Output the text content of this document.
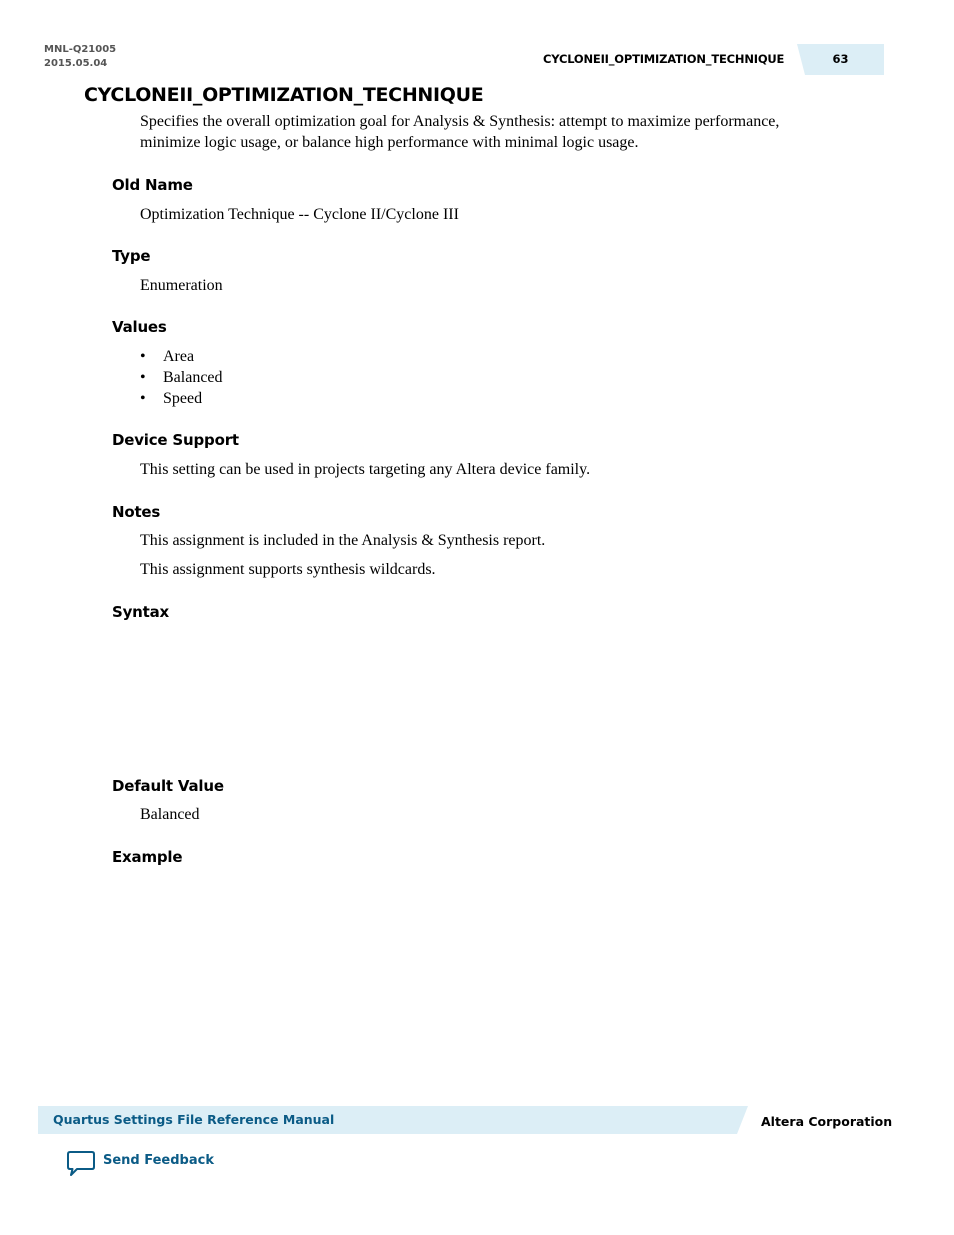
MNL-Q21005
2015.05.04	CYCLONEII_OPTIMIZATION_TECHNIQUE	63
CYCLONEII_OPTIMIZATION_TECHNIQUE
Specifies the overall optimization goal for Analysis & Synthesis: attempt to maximize performance, minimize logic usage, or balance high performance with minimal logic usage.
Old Name
Optimization Technique -- Cyclone II/Cyclone III
Type
Enumeration
Values
• Area
• Balanced
• Speed
Device Support
This setting can be used in projects targeting any Altera device family.
Notes
This assignment is included in the Analysis & Synthesis report.
This assignment supports synthesis wildcards.
Syntax
Default Value
Balanced
Example
Quartus Settings File Reference Manual	Altera Corporation
Send Feedback
